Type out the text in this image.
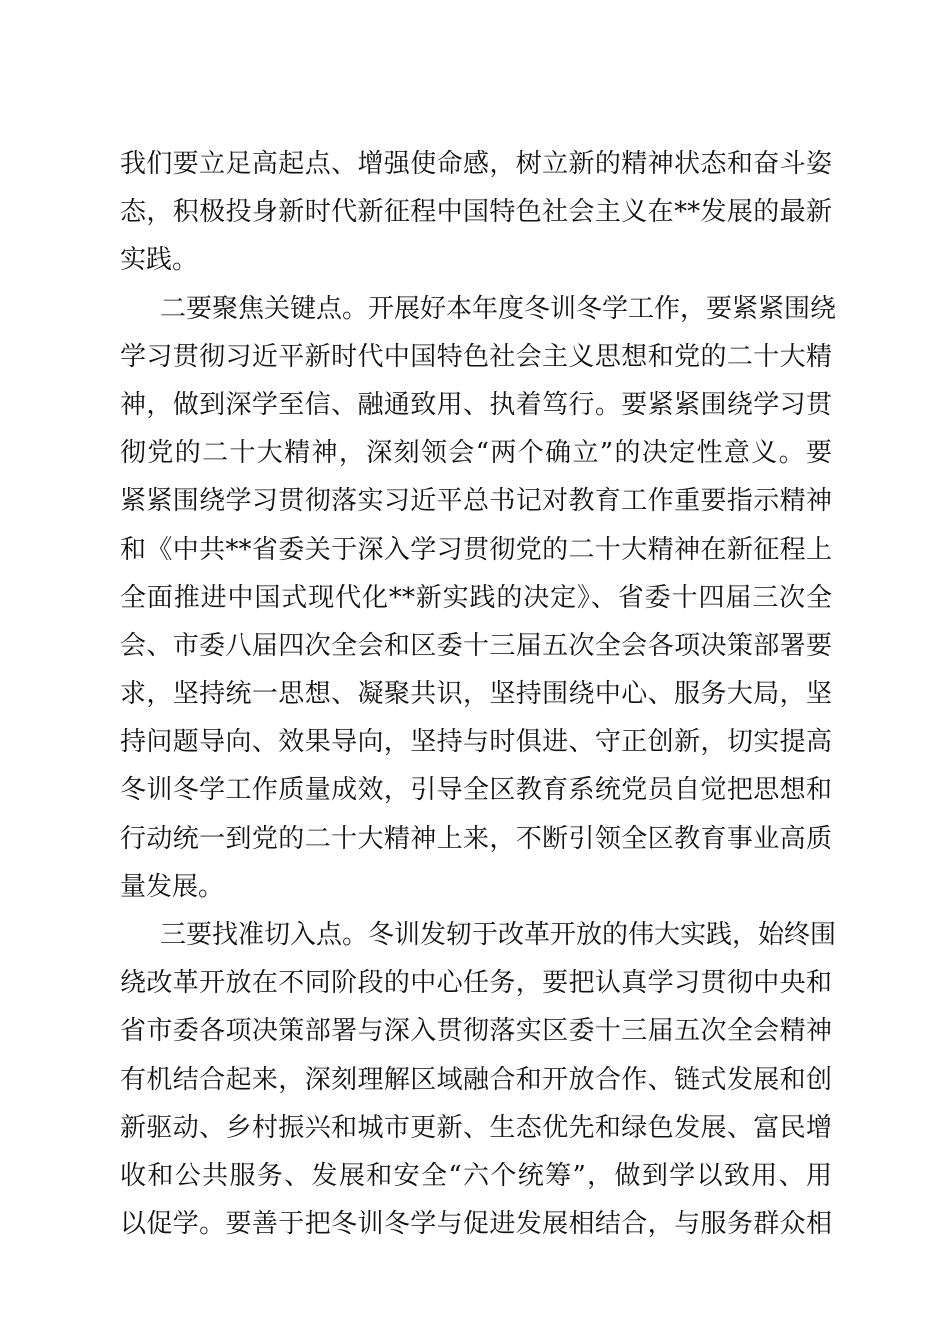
我们要立足高起点、增强使命感，树立新的精神状态和奋斗姿
态，积极投身新时代新征程中国特色社会主义在**发展的最新
实践。
二要聚焦关键点。开展好本年度冬训冬学工作，要紧紧围绕
学习贯彻习近平新时代中国特色社会主义思想和党的二十大精
神，做到深学至信、融通致用、执着笃行。要紧紧围绕学习贯
彻党的二十大精神，深刻领会“两个确立”的决定性意义。要
紧紧围绕学习贯彻落实习近平总书记对教育工作重要指示精神
和《中共**省委关于深入学习贯彻党的二十大精神在新征程上
全面推进中国式现代化**新实践的决定》、省委十四届三次全
会、市委八届四次全会和区委十三届五次全会各项决策部署要
求，坚持统一思想、凝聚共识，坚持围绕中心、服务大局，坚
持问题导向、效果导向，坚持与时俱进、守正创新，切实提高
冬训冬学工作质量成效，引导全区教育系统党员自觉把思想和
行动统一到党的二十大精神上来，不断引领全区教育事业高质
量发展。
三要找准切入点。冬训发轫于改革开放的伟大实践，始终围
绕改革开放在不同阶段的中心任务，要把认真学习贯彻中央和
省市委各项决策部署与深入贯彻落实区委十三届五次全会精神
有机结合起来，深刻理解区域融合和开放合作、链式发展和创
新驱动、乡村振兴和城市更新、生态优先和绿色发展、富民增
收和公共服务、发展和安全“六个统筹”，做到学以致用、用
以促学。要善于把冬训冬学与促进发展相结合，与服务群众相
